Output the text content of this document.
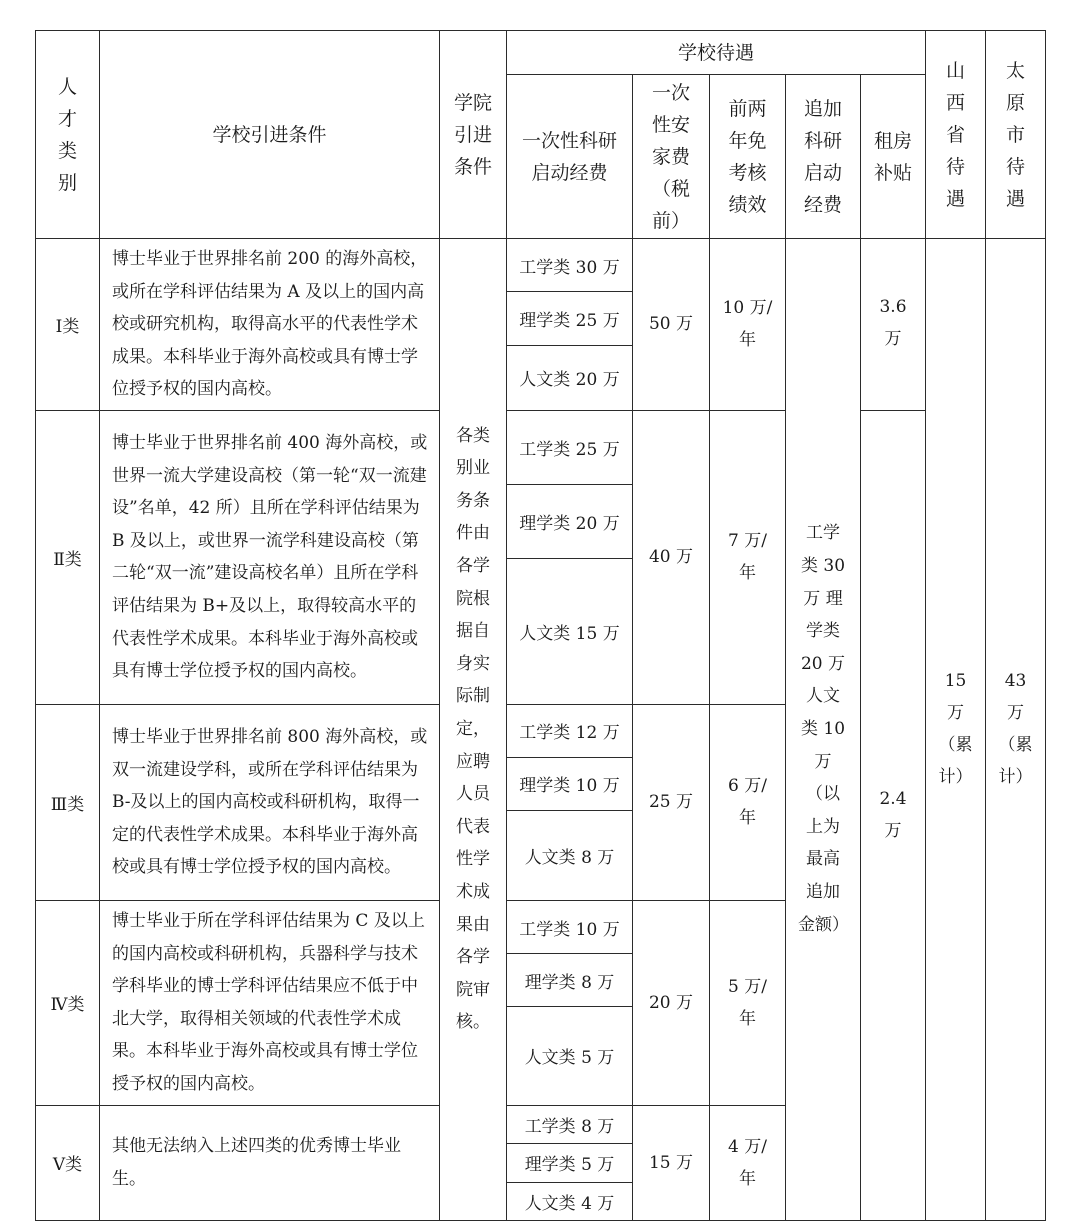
人才类别	学校引进条件	学院引进条件	学校待遇					山西省待遇	太原市待遇
			一次性科研启动经费	一次性安家费（税前）	前两年免考核绩效	追加科研启动经费	租房补贴		
Ⅰ类	博士毕业于世界排名前 200 的海外高校，或所在学科评估结果为 A 及以上的国内高校或研究机构，取得高水平的代表性学术成果。本科毕业于海外高校或具有博士学位授予权的国内高校。	各类别业务条件由各学院根据自身实际制定，应聘人员代表性学术成果由各学院审核。	工学类 30 万	50 万	10 万/年	工学类 30 万 理学类 20 万 人文类 10 万（以上为最高追加金额）	3.6 万	15 万（累计）	43 万（累计）
			理学类 25 万						
			人文类 20 万						
Ⅱ类	博士毕业于世界排名前 400 海外高校，或世界一流大学建设高校（第一轮“双一流建设”名单，42 所）且所在学科评估结果为 B 及以上，或世界一流学科建设高校（第二轮“双一流”建设高校名单）且所在学科评估结果为 B+及以上，取得较高水平的代表性学术成果。本科毕业于海外高校或具有博士学位授予权的国内高校。		工学类 25 万	40 万	7 万/年		2.4 万		
			理学类 20 万						
			人文类 15 万						
Ⅲ类	博士毕业于世界排名前 800 海外高校，或双一流建设学科，或所在学科评估结果为 B-及以上的国内高校或科研机构，取得一定的代表性学术成果。本科毕业于海外高校或具有博士学位授予权的国内高校。		工学类 12 万	25 万	6 万/年				
			理学类 10 万						
			人文类 8 万						
Ⅳ类	博士毕业于所在学科评估结果为 C 及以上的国内高校或科研机构，兵器科学与技术学科毕业的博士学科评估结果应不低于中北大学，取得相关领域的代表性学术成果。本科毕业于海外高校或具有博士学位授予权的国内高校。		工学类 10 万	20 万	5 万/年				
			理学类 8 万						
			人文类 5 万						
Ⅴ类	其他无法纳入上述四类的优秀博士毕业生。		工学类 8 万	15 万	4 万/年				
			理学类 5 万						
			人文类 4 万						
